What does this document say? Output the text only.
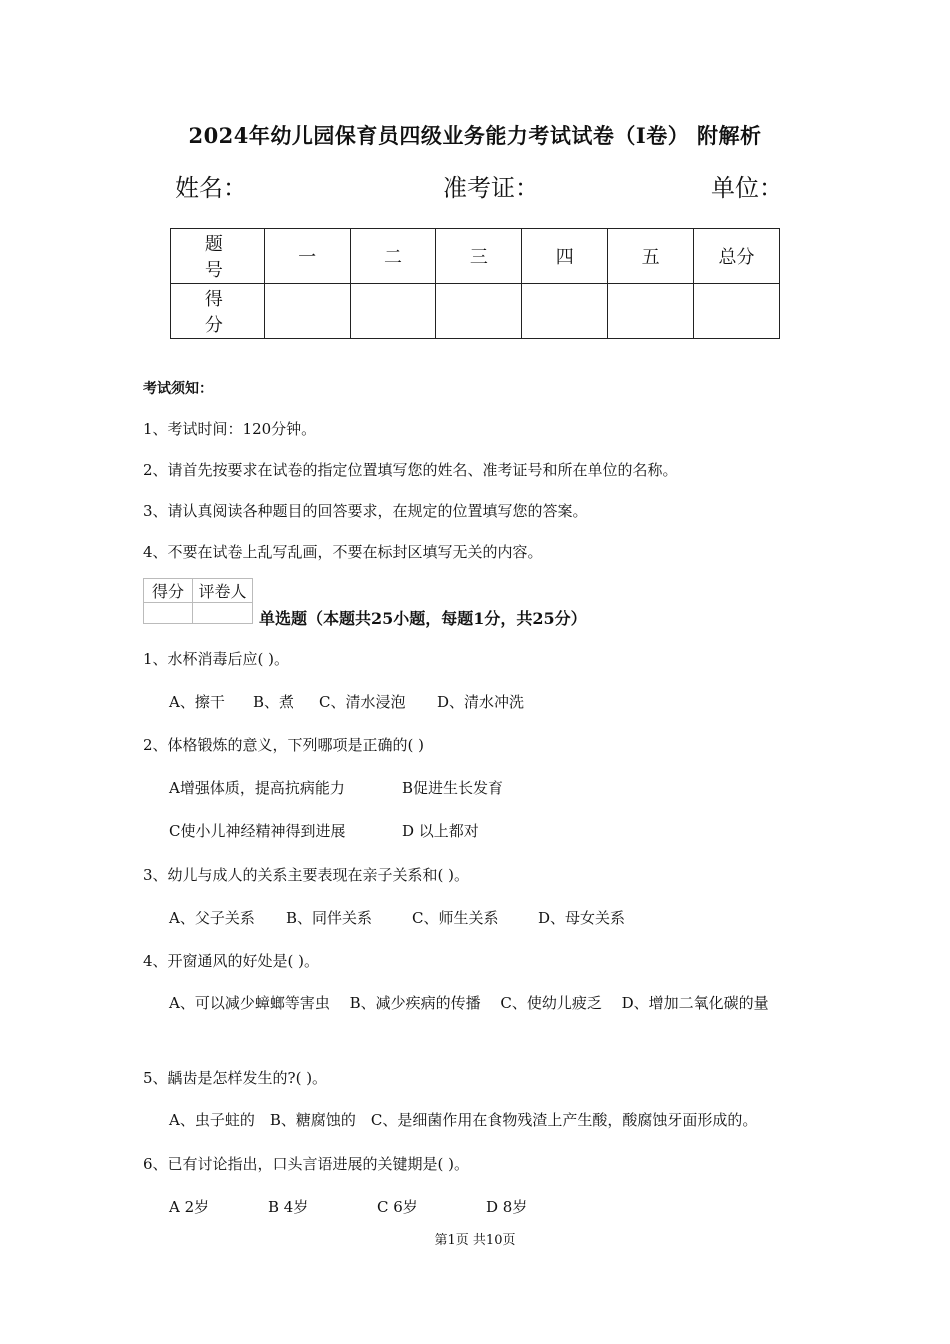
2024年幼儿园保育员四级业务能力考试试卷（I卷） 附解析
姓名：	准考证：	单位：
题 号	一	二	三	四	五	总分
得 分						
考试须知：
1、考试时间：120分钟。
2、请首先按要求在试卷的指定位置填写您的姓名、准考证号和所在单位的名称。
3、请认真阅读各种题目的回答要求，在规定的位置填写您的答案。
4、不要在试卷上乱写乱画，不要在标封区填写无关的内容。
得分	评卷人

单选题（本题共25小题，每题1分，共25分）
1、水杯消毒后应( )。
A、擦干 B、煮 C、清水浸泡 D、清水冲洗
2、体格锻炼的意义，下列哪项是正确的( )
A增强体质，提高抗病能力	B促进生长发育
C使小儿神经精神得到进展	D 以上都对
3、幼儿与成人的关系主要表现在亲子关系和( )。
A、父子关系 B、同伴关系	C、师生关系	D、母女关系
4、开窗通风的好处是( )。
A、可以减少蟑螂等害虫　 B、减少疾病的传播　 C、使幼儿疲乏　 D、增加二氧化碳的量
5、龋齿是怎样发生的?( )。
A、虫子蛀的　B、糖腐蚀的　C、是细菌作用在食物残渣上产生酸，酸腐蚀牙面形成的。
6、已有讨论指出，口头言语进展的关键期是( )。
A 2岁	B 4岁	C 6岁	D 8岁
第1页 共10页
